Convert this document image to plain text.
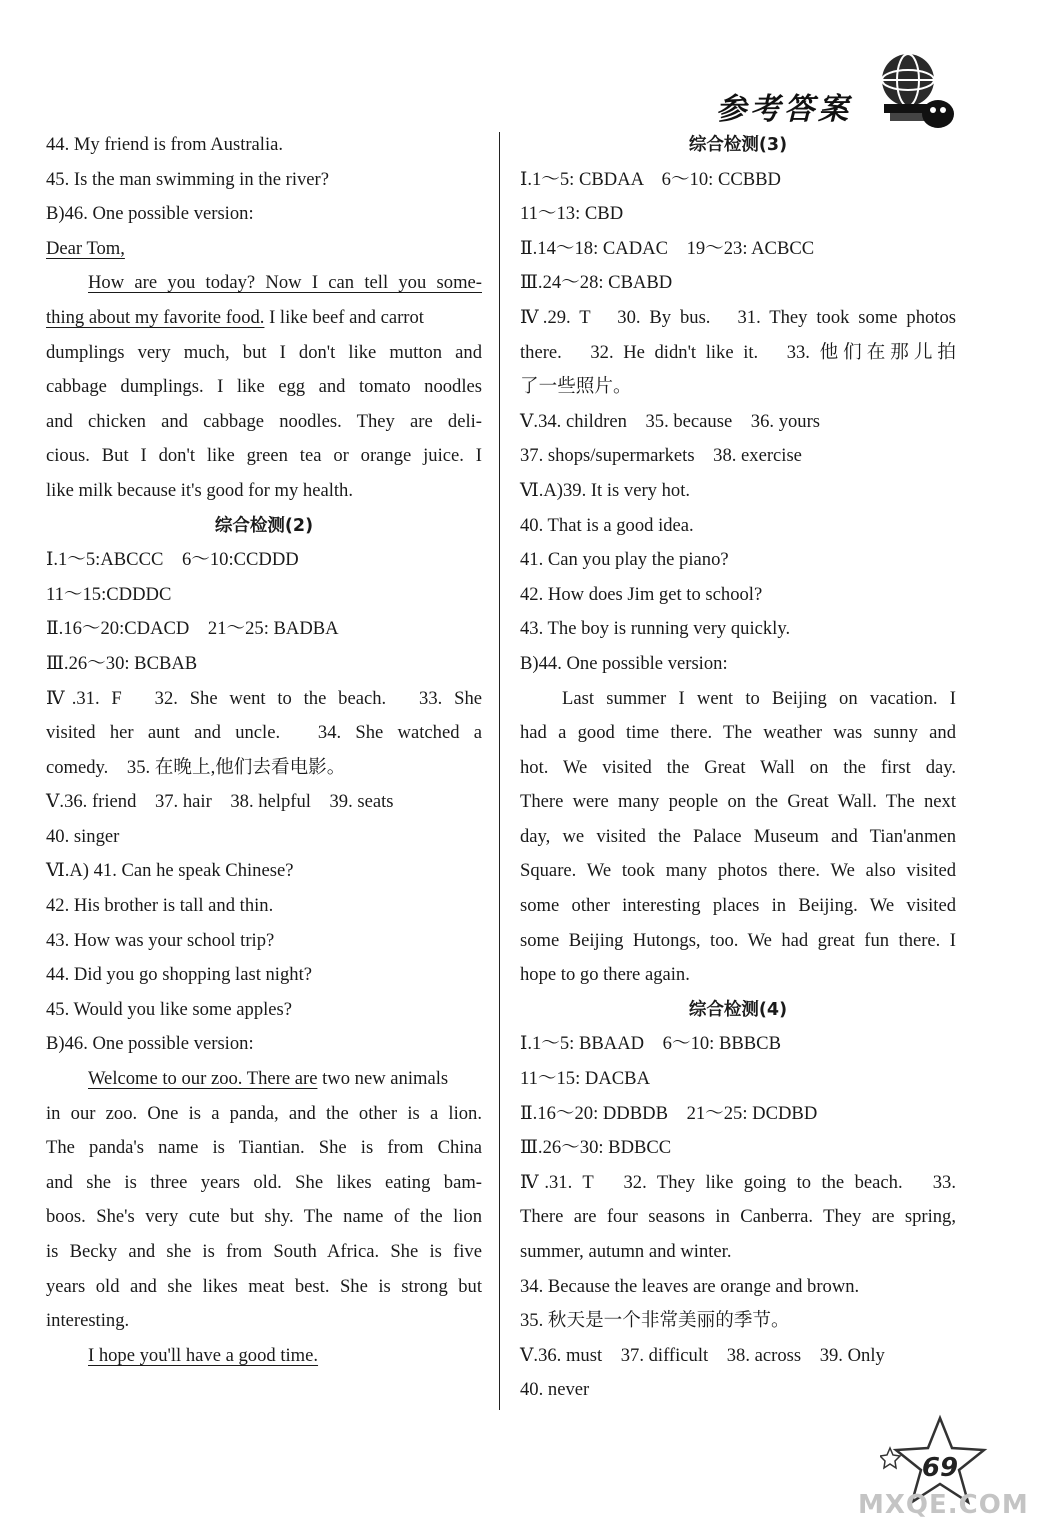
参考答案
44. My friend is from Australia.
45. Is the man swimming in the river?
B)46. One possible version:
Dear Tom,
How are you today? Now I can tell you some-
thing about my favorite food. I like beef and carrot
dumplings very much, but I don't like mutton and
cabbage dumplings. I like egg and tomato noodles
and chicken and cabbage noodles. They are deli-
cious. But I don't like green tea or orange juice. I
like milk because it's good for my health.
综合检测(2)
Ⅰ.1～5:ABCCC　6～10:CCDDD
11～15:CDDDC
Ⅱ.16～20:CDACD　21～25: BADBA
Ⅲ.26～30: BCBAB
Ⅳ.31. F　32. She went to the beach.　33. She
visited her aunt and uncle.　34. She watched a
comedy.　35. 在晚上,他们去看电影。
Ⅴ.36. friend　37. hair　38. helpful　39. seats
40. singer
Ⅵ.A) 41. Can he speak Chinese?
42. His brother is tall and thin.
43. How was your school trip?
44. Did you go shopping last night?
45. Would you like some apples?
B)46. One possible version:
Welcome to our zoo. There are two new animals
in our zoo. One is a panda, and the other is a lion.
The panda's name is Tiantian. She is from China
and she is three years old. She likes eating bam-
boos. She's very cute but shy. The name of the lion
is Becky and she is from South Africa. She is five
years old and she likes meat best. She is strong but
interesting.
I hope you'll have a good time.
综合检测(3)
Ⅰ.1～5: CBDAA　6～10: CCBBD
11～13: CBD
Ⅱ.14～18: CADAC　19～23: ACBCC
Ⅲ.24～28: CBABD
Ⅳ.29. T　30. By bus.　31. They took some photos
there.　32. He didn't like it.　33. 他们在那儿拍
了一些照片。
Ⅴ.34. children　35. because　36. yours
37. shops/supermarkets　38. exercise
Ⅵ.A)39. It is very hot.
40. That is a good idea.
41. Can you play the piano?
42. How does Jim get to school?
43. The boy is running very quickly.
B)44. One possible version:
Last summer I went to Beijing on vacation. I
had a good time there. The weather was sunny and
hot. We visited the Great Wall on the first day.
There were many people on the Great Wall. The next
day, we visited the Palace Museum and Tian'anmen
Square. We took many photos there. We also visited
some other interesting places in Beijing. We visited
some Beijing Hutongs, too. We had great fun there. I
hope to go there again.
综合检测(4)
Ⅰ.1～5: BBAAD　6～10: BBBCB
11～15: DACBA
Ⅱ.16～20: DDBDB　21～25: DCDBD
Ⅲ.26～30: BDBCC
Ⅳ.31. T　32. They like going to the beach.　33.
There are four seasons in Canberra. They are spring,
summer, autumn and winter.
34. Because the leaves are orange and brown.
35. 秋天是一个非常美丽的季节。
Ⅴ.36. must　37. difficult　38. across　39. Only
40. never
69
MXQE.COM
